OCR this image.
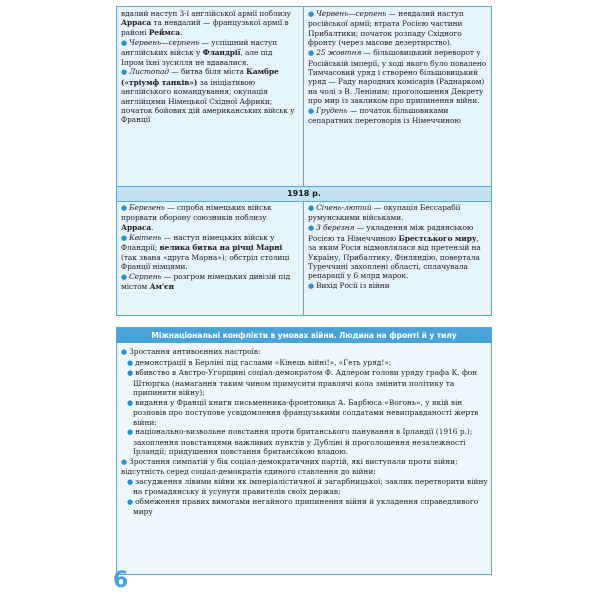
вдалий наступ 3-ї англійської армії поблизу Арраса та невдалий — французької армії в районі Реймса.

● Червень—серпень — успішний наступ англійських військ у Фландрії, але під Іпром їхні зусилля не вдавалися.

● Листопад — битва біля міста Камбре («тріумф танків») за ініціативою англійського командування; окупація англійцями Німецької Східної Африки; початок бойових дій американських військ у Франції

● Червень—серпень — невдалий наступ російської армії; втрата Росією частини Прибалтики; початок розпаду Східного фронту (через масове дезертирство).

● 25 жовтня — більшовицький переворот у Російській імперії, у ході якого було повалено Тимчасовий уряд і створено більшовицький уряд — Раду народних комісарів (Раднарком) на чолі з В. Леніним; проголошення Декрету про мир із закликом про припинення війни.

● Грудень — початок більшовиками сепаратних переговорів із Німеччиною

1918 р.

● Березень — спроба німецьких військ прорвати оборону союзників поблизу Арраса.

● Квітень — наступ німецьких військ у Фландрії; велика битва на річці Марні (так звана «друга Марна»); обстріл столиці Франції німцями.

● Серпень — розгром німецьких дивізій під містом Ам'єн

● Січень-лютий — окупація Бессарабії румунськими військами.

● 3 березня — укладення між радянською Росією та Німеччиною Брестського миру, за яким Росія відмовлялася від претензій на Україну, Прибалтику, Фінляндію, повертала Туреччині захоплені області, сплачувала репарації у 6 млрд марок.

● Вихід Росії із війни

Міжнаціональні конфлікти в умовах війни. Людина на фронті й у тилу

● Зростання антивоєнних настроїв:

● демонстрації в Берліні під гаслами «Кінець війні!», «Геть уряд!»;

● вбивство в Австро-Угорщині соціал-демократом Ф. Адлером голови уряду графа К. фон Штюргка (намагання таким чином примусити правлячі кола змінити політику та припинити війну);

● видання у Франції книги письменника-фронтовика А. Барбюса «Вогонь», у якій він розповів про поступове усвідомлення французькими солдатами невиправданості жертв війни;

● національно-визвольне повстання проти британського панування в Ірландії (1916 р.); захоплення повстанцями важливих пунктів у Дубліні й проголошення незалежності Ірландії; придушення повстання британською владою.

● Зростання симпатій у бік соціал-демократичних партій, які виступали проти війни; відсутність серед соціал-демократів єдиного ставлення до війни:

● засудження лівими війни як імперіалістичної й загарбницької; заклик перетворити війну на громадянську й усунути правителів своїх держав;

● обмеження правих вимогами негайного припинення війни й укладення справедливого миру

6
